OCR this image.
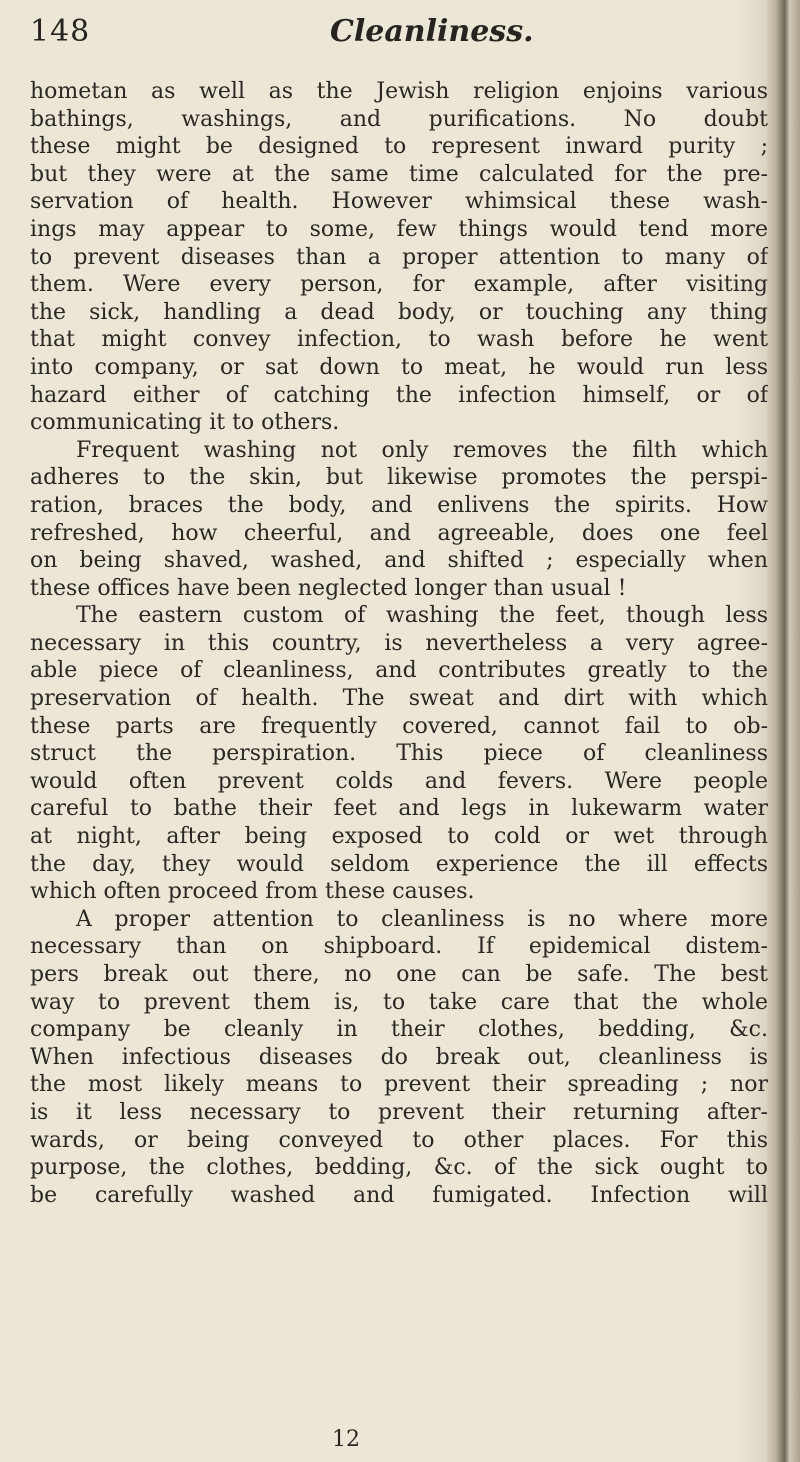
148	Cleanliness.
hometan as well as the Jewish religion enjoins various
bathings, washings, and purifications. No doubt
these might be designed to represent inward purity ;
but they were at the same time calculated for the pre-
servation of health. However whimsical these wash-
ings may appear to some, few things would tend more
to prevent diseases than a proper attention to many of
them. Were every person, for example, after visiting
the sick, handling a dead body, or touching any thing
that might convey infection, to wash before he went
into company, or sat down to meat, he would run less
hazard either of catching the infection himself, or of
communicating it to others.
Frequent washing not only removes the filth which
adheres to the skin, but likewise promotes the perspi-
ration, braces the body, and enlivens the spirits. How
refreshed, how cheerful, and agreeable, does one feel
on being shaved, washed, and shifted ; especially when
these offices have been neglected longer than usual !
The eastern custom of washing the feet, though less
necessary in this country, is nevertheless a very agree-
able piece of cleanliness, and contributes greatly to the
preservation of health. The sweat and dirt with which
these parts are frequently covered, cannot fail to ob-
struct the perspiration. This piece of cleanliness
would often prevent colds and fevers. Were people
careful to bathe their feet and legs in lukewarm water
at night, after being exposed to cold or wet through
the day, they would seldom experience the ill effects
which often proceed from these causes.
A proper attention to cleanliness is no where more
necessary than on shipboard. If epidemical distem-
pers break out there, no one can be safe. The best
way to prevent them is, to take care that the whole
company be cleanly in their clothes, bedding, &c.
When infectious diseases do break out, cleanliness is
the most likely means to prevent their spreading ; nor
is it less necessary to prevent their returning after-
wards, or being conveyed to other places. For this
purpose, the clothes, bedding, &c. of the sick ought to
be carefully washed and fumigated. Infection will
12
